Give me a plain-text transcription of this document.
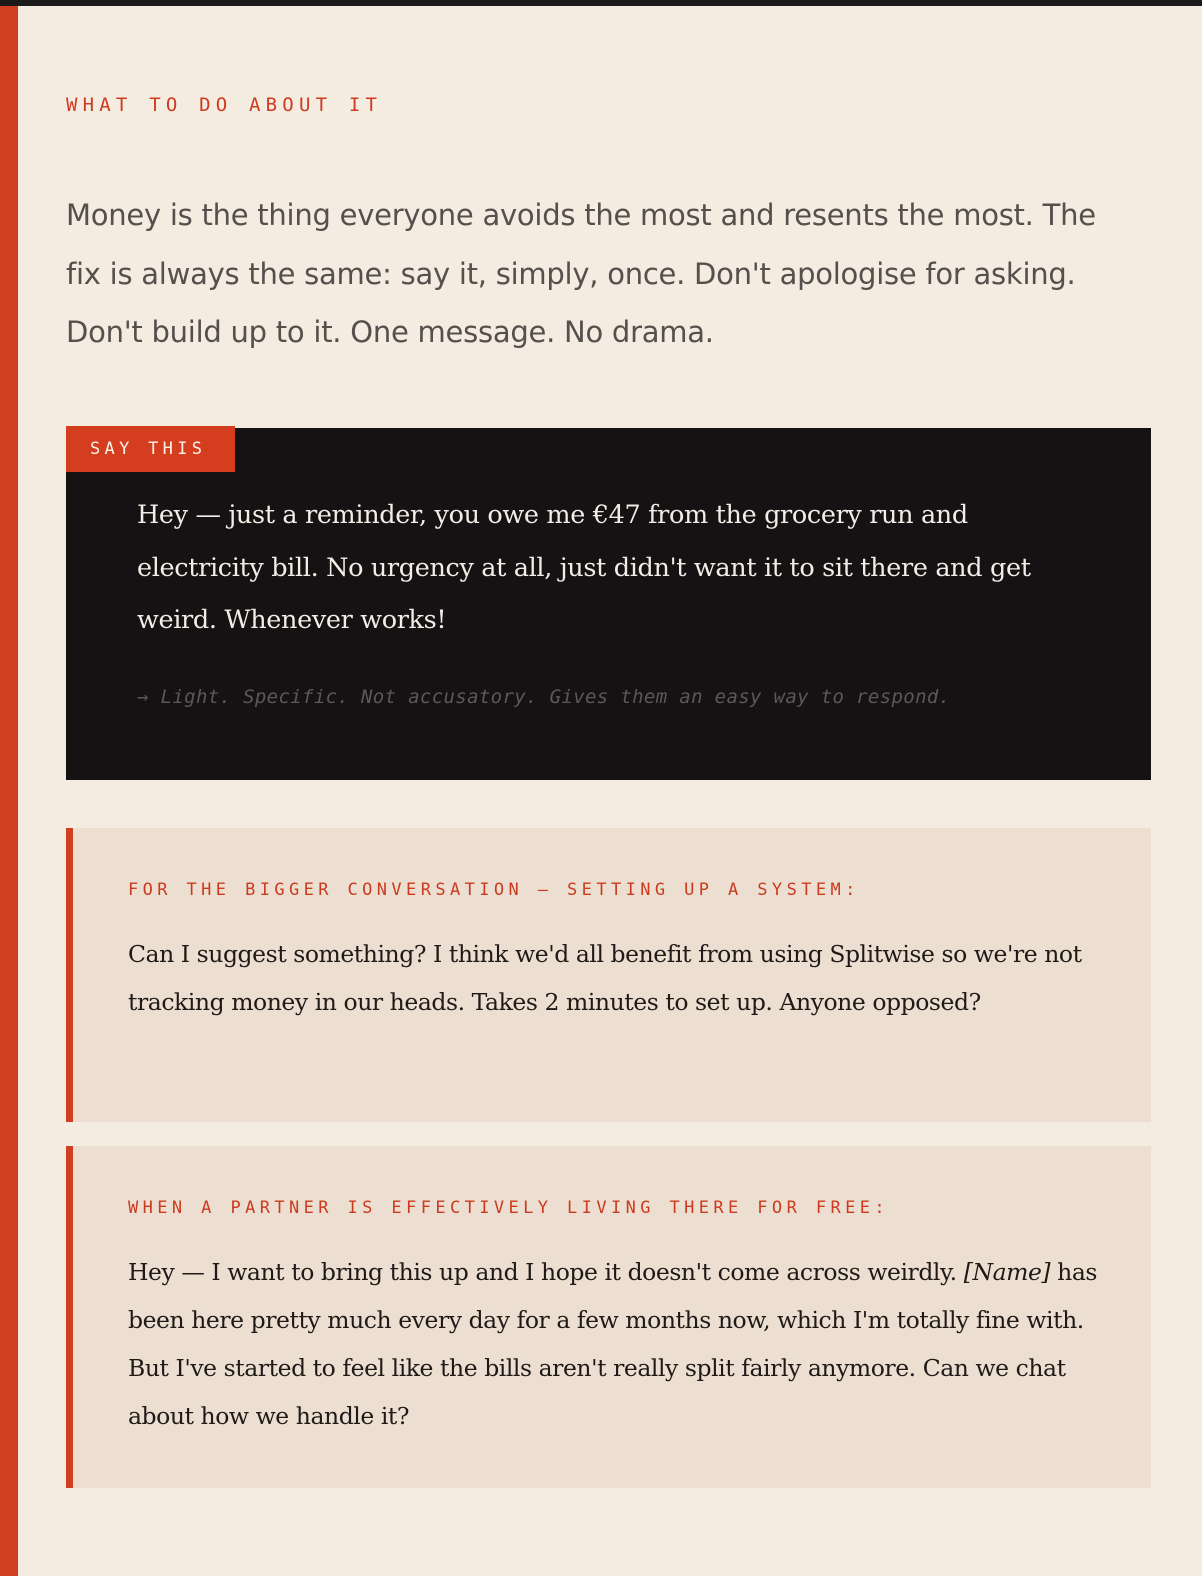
WHAT TO DO ABOUT IT

Money is the thing everyone avoids the most and resents the most. The fix is always the same: say it, simply, once. Don't apologise for asking. Don't build up to it. One message. No drama.

SAY THIS

Hey — just a reminder, you owe me €47 from the grocery run and electricity bill. No urgency at all, just didn't want it to sit there and get weird. Whenever works!

→ Light. Specific. Not accusatory. Gives them an easy way to respond.
FOR THE BIGGER CONVERSATION — SETTING UP A SYSTEM:

Can I suggest something? I think we'd all benefit from using Splitwise so we're not tracking money in our heads. Takes 2 minutes to set up. Anyone opposed?

WHEN A PARTNER IS EFFECTIVELY LIVING THERE FOR FREE:

Hey — I want to bring this up and I hope it doesn't come across weirdly. [Name] has been here pretty much every day for a few months now, which I'm totally fine with. But I've started to feel like the bills aren't really split fairly anymore. Can we chat about how we handle it?
